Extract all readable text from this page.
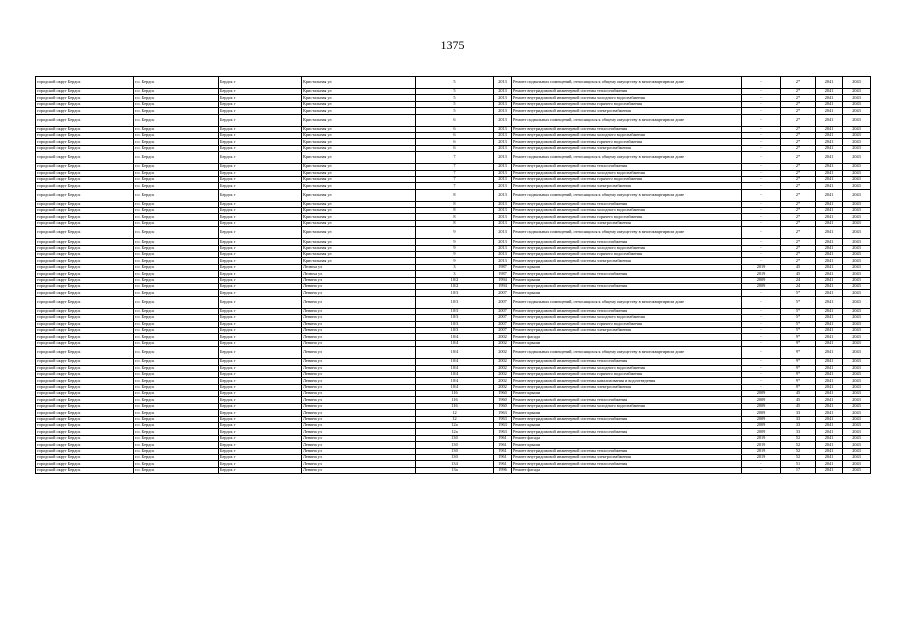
1375
городской округ Бердск	г.о. Бердск	Бердск г	Кристальная ул	5	2013	Ремонт подвальных помещений, относящихся к общему имуществу в многоквартирном доме	-	2*	2041	2043
городской округ Бердск	г.о. Бердск	Бердск г	Кристальная ул	5	2013	Ремонт внутридомовой инженерной системы теплоснабжения	-	2*	2041	2043
городской округ Бердск	г.о. Бердск	Бердск г	Кристальная ул	5	2013	Ремонт внутридомовой инженерной системы холодного водоснабжения	-	2*	2041	2043
городской округ Бердск	г.о. Бердск	Бердск г	Кристальная ул	5	2013	Ремонт внутридомовой инженерной системы горячего водоснабжения	-	2*	2041	2043
городской округ Бердск	г.о. Бердск	Бердск г	Кристальная ул	5	2013	Ремонт внутридомовой инженерной системы электроснабжения	-	2*	2041	2043
городской округ Бердск	г.о. Бердск	Бердск г	Кристальная ул	6	2013	Ремонт подвальных помещений, относящихся к общему имуществу в многоквартирном доме	-	2*	2041	2043
городской округ Бердск	г.о. Бердск	Бердск г	Кристальная ул	6	2013	Ремонт внутридомовой инженерной системы теплоснабжения	-	2*	2041	2043
городской округ Бердск	г.о. Бердск	Бердск г	Кристальная ул	6	2013	Ремонт внутридомовой инженерной системы холодного водоснабжения	-	2*	2041	2043
городской округ Бердск	г.о. Бердск	Бердск г	Кристальная ул	6	2013	Ремонт внутридомовой инженерной системы горячего водоснабжения	-	2*	2041	2043
городской округ Бердск	г.о. Бердск	Бердск г	Кристальная ул	6	2013	Ремонт внутридомовой инженерной системы электроснабжения	-	2*	2041	2043
городской округ Бердск	г.о. Бердск	Бердск г	Кристальная ул	7	2013	Ремонт подвальных помещений, относящихся к общему имуществу в многоквартирном доме	-	2*	2041	2043
городской округ Бердск	г.о. Бердск	Бердск г	Кристальная ул	7	2013	Ремонт внутридомовой инженерной системы теплоснабжения	-	2*	2041	2043
городской округ Бердск	г.о. Бердск	Бердск г	Кристальная ул	7	2013	Ремонт внутридомовой инженерной системы холодного водоснабжения	-	2*	2041	2043
городской округ Бердск	г.о. Бердск	Бердск г	Кристальная ул	7	2013	Ремонт внутридомовой инженерной системы горячего водоснабжения	-	2*	2041	2043
городской округ Бердск	г.о. Бердск	Бердск г	Кристальная ул	7	2013	Ремонт внутридомовой инженерной системы электроснабжения	-	2*	2041	2043
городской округ Бердск	г.о. Бердск	Бердск г	Кристальная ул	8	2013	Ремонт подвальных помещений, относящихся к общему имуществу в многоквартирном доме	-	2*	2041	2043
городской округ Бердск	г.о. Бердск	Бердск г	Кристальная ул	8	2013	Ремонт внутридомовой инженерной системы теплоснабжения	-	2*	2041	2043
городской округ Бердск	г.о. Бердск	Бердск г	Кристальная ул	8	2013	Ремонт внутридомовой инженерной системы холодного водоснабжения	-	2*	2041	2043
городской округ Бердск	г.о. Бердск	Бердск г	Кристальная ул	8	2013	Ремонт внутридомовой инженерной системы горячего водоснабжения	-	2*	2041	2043
городской округ Бердск	г.о. Бердск	Бердск г	Кристальная ул	8	2013	Ремонт внутридомовой инженерной системы электроснабжения	-	2*	2041	2043
городской округ Бердск	г.о. Бердск	Бердск г	Кристальная ул	9	2013	Ремонт подвальных помещений, относящихся к общему имуществу в многоквартирном доме	-	2*	2041	2043
городской округ Бердск	г.о. Бердск	Бердск г	Кристальная ул	9	2013	Ремонт внутридомовой инженерной системы теплоснабжения	-	2*	2041	2043
городской округ Бердск	г.о. Бердск	Бердск г	Кристальная ул	9	2013	Ремонт внутридомовой инженерной системы холодного водоснабжения	-	2*	2041	2043
городской округ Бердск	г.о. Бердск	Бердск г	Кристальная ул	9	2013	Ремонт внутридомовой инженерной системы горячего водоснабжения	-	2*	2041	2043
городской округ Бердск	г.о. Бердск	Бердск г	Кристальная ул	9	2013	Ремонт внутридомовой инженерной системы электроснабжения	-	2*	2041	2043
городской округ Бердск	г.о. Бердск	Бердск г	Лелюха ул	3	1987	Ремонт крыши	2019	45	2041	2043
городской округ Бердск	г.о. Бердск	Бердск г	Лелюха ул	3	1987	Ремонт внутридомовой инженерной системы теплоснабжения	2019	45	2041	2043
городской округ Бердск	г.о. Бердск	Бердск г	Ленина ул	10/2	1994	Ремонт крыши	2009	24	2041	2043
городской округ Бердск	г.о. Бердск	Бердск г	Ленина ул	10/2	1994	Ремонт внутридомовой инженерной системы теплоснабжения	2009	24	2041	2043
городской округ Бердск	г.о. Бердск	Бердск г	Ленина ул	10/3	2007	Ремонт крыши	-	5*	2041	2043
городской округ Бердск	г.о. Бердск	Бердск г	Ленина ул	10/3	2007	Ремонт подвальных помещений, относящихся к общему имуществу в многоквартирном доме	-	5*	2041	2043
городской округ Бердск	г.о. Бердск	Бердск г	Ленина ул	10/3	2007	Ремонт внутридомовой инженерной системы теплоснабжения	-	5*	2041	2043
городской округ Бердск	г.о. Бердск	Бердск г	Ленина ул	10/3	2007	Ремонт внутридомовой инженерной системы холодного водоснабжения	-	5*	2041	2043
городской округ Бердск	г.о. Бердск	Бердск г	Ленина ул	10/3	2007	Ремонт внутридомовой инженерной системы горячего водоснабжения	-	5*	2041	2043
городской округ Бердск	г.о. Бердск	Бердск г	Ленина ул	10/3	2007	Ремонт внутридомовой инженерной системы электроснабжения	-	5*	2041	2043
городской округ Бердск	г.о. Бердск	Бердск г	Ленина ул	10/4	2002	Ремонт фасада	-	9*	2041	2043
городской округ Бердск	г.о. Бердск	Бердск г	Ленина ул	10/4	2002	Ремонт крыши	-	9*	2041	2043
городской округ Бердск	г.о. Бердск	Бердск г	Ленина ул	10/4	2002	Ремонт подвальных помещений, относящихся к общему имуществу в многоквартирном доме	-	9*	2041	2043
городской округ Бердск	г.о. Бердск	Бердск г	Ленина ул	10/4	2002	Ремонт внутридомовой инженерной системы теплоснабжения	-	9*	2041	2043
городской округ Бердск	г.о. Бердск	Бердск г	Ленина ул	10/4	2002	Ремонт внутридомовой инженерной системы холодного водоснабжения	-	9*	2041	2043
городской округ Бердск	г.о. Бердск	Бердск г	Ленина ул	10/4	2002	Ремонт внутридомовой инженерной системы горячего водоснабжения	-	9*	2041	2043
городской округ Бердск	г.о. Бердск	Бердск г	Ленина ул	10/4	2002	Ремонт внутридомовой инженерной системы канализования и водоотведения	-	9*	2041	2043
городской округ Бердск	г.о. Бердск	Бердск г	Ленина ул	10/4	2002	Ремонт внутридомовой инженерной системы электроснабжения	-	9*	2041	2043
городской округ Бердск	г.о. Бердск	Бердск г	Ленина ул	116	1960	Ремонт крыши	2009	45	2041	2043
городской округ Бердск	г.о. Бердск	Бердск г	Ленина ул	116	1960	Ремонт внутридомовой инженерной системы теплоснабжения	2009	45	2041	2043
городской округ Бердск	г.о. Бердск	Бердск г	Ленина ул	116	1960	Ремонт внутридомовой инженерной системы холодного водоснабжения	2009	45	2041	2043
городской округ Бердск	г.о. Бердск	Бердск г	Ленина ул	12	1963	Ремонт крыши	2009	33	2041	2043
городской округ Бердск	г.о. Бердск	Бердск г	Ленина ул	12	1963	Ремонт внутридомовой инженерной системы теплоснабжения	2009	33	2041	2043
городской округ Бердск	г.о. Бердск	Бердск г	Ленина ул	12а	1963	Ремонт крыши	2009	33	2041	2043
городской округ Бердск	г.о. Бердск	Бердск г	Ленина ул	12а	1963	Ремонт внутридомовой инженерной системы теплоснабжения	2009	33	2041	2043
городской округ Бердск	г.о. Бердск	Бердск г	Ленина ул	130	1961	Ремонт фасада	2019	52	2041	2043
городской округ Бердск	г.о. Бердск	Бердск г	Ленина ул	130	1961	Ремонт крыши	2019	52	2041	2043
городской округ Бердск	г.о. Бердск	Бердск г	Ленина ул	130	1961	Ремонт внутридомовой инженерной системы теплоснабжения	2019	52	2041	2043
городской округ Бердск	г.о. Бердск	Бердск г	Ленина ул	130	1961	Ремонт внутридомовой инженерной системы электроснабжения	2019	52	2041	2043
городской округ Бердск	г.о. Бердск	Бердск г	Ленина ул	134	1961	Ремонт внутридомовой инженерной системы теплоснабжения	-	51	2041	2043
городской округ Бердск	г.о. Бердск	Бердск г	Ленина ул	13а	1996	Ремонт фасада	-	17	2041	2043
